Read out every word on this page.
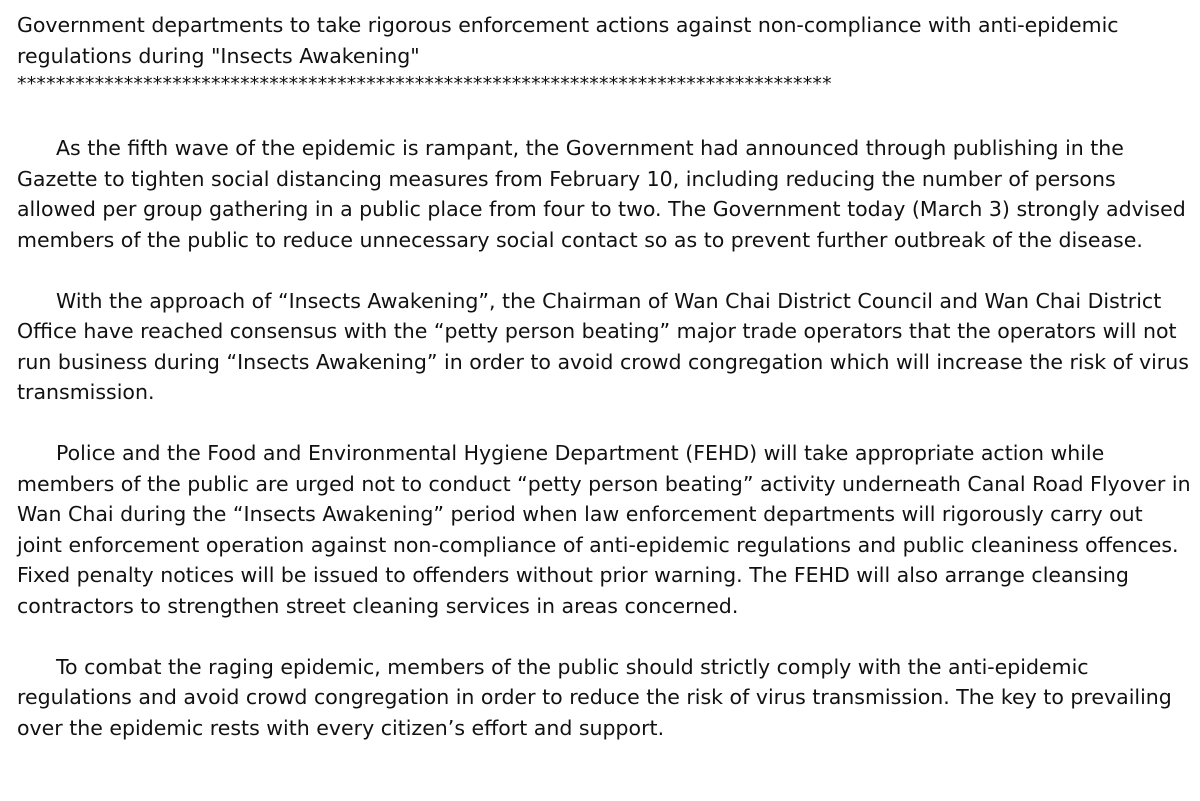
Government departments to take rigorous enforcement actions against non-compliance with anti-epidemic regulations during "Insects Awakening"
************************************************************************************

As the fifth wave of the epidemic is rampant, the Government had announced through publishing in the Gazette to tighten social distancing measures from February 10, including reducing the number of persons allowed per group gathering in a public place from four to two. The Government today (March 3) strongly advised members of the public to reduce unnecessary social contact so as to prevent further outbreak of the disease.

With the approach of “Insects Awakening”, the Chairman of Wan Chai District Council and Wan Chai District Office have reached consensus with the “petty person beating” major trade operators that the operators will not run business during “Insects Awakening” in order to avoid crowd congregation which will increase the risk of virus transmission.

Police and the Food and Environmental Hygiene Department (FEHD) will take appropriate action while members of the public are urged not to conduct “petty person beating” activity underneath Canal Road Flyover in Wan Chai during the “Insects Awakening” period when law enforcement departments will rigorously carry out joint enforcement operation against non-compliance of anti-epidemic regulations and public cleaniness offences. Fixed penalty notices will be issued to offenders without prior warning. The FEHD will also arrange cleansing contractors to strengthen street cleaning services in areas concerned.

To combat the raging epidemic, members of the public should strictly comply with the anti-epidemic regulations and avoid crowd congregation in order to reduce the risk of virus transmission. The key to prevailing over the epidemic rests with every citizen’s effort and support.
